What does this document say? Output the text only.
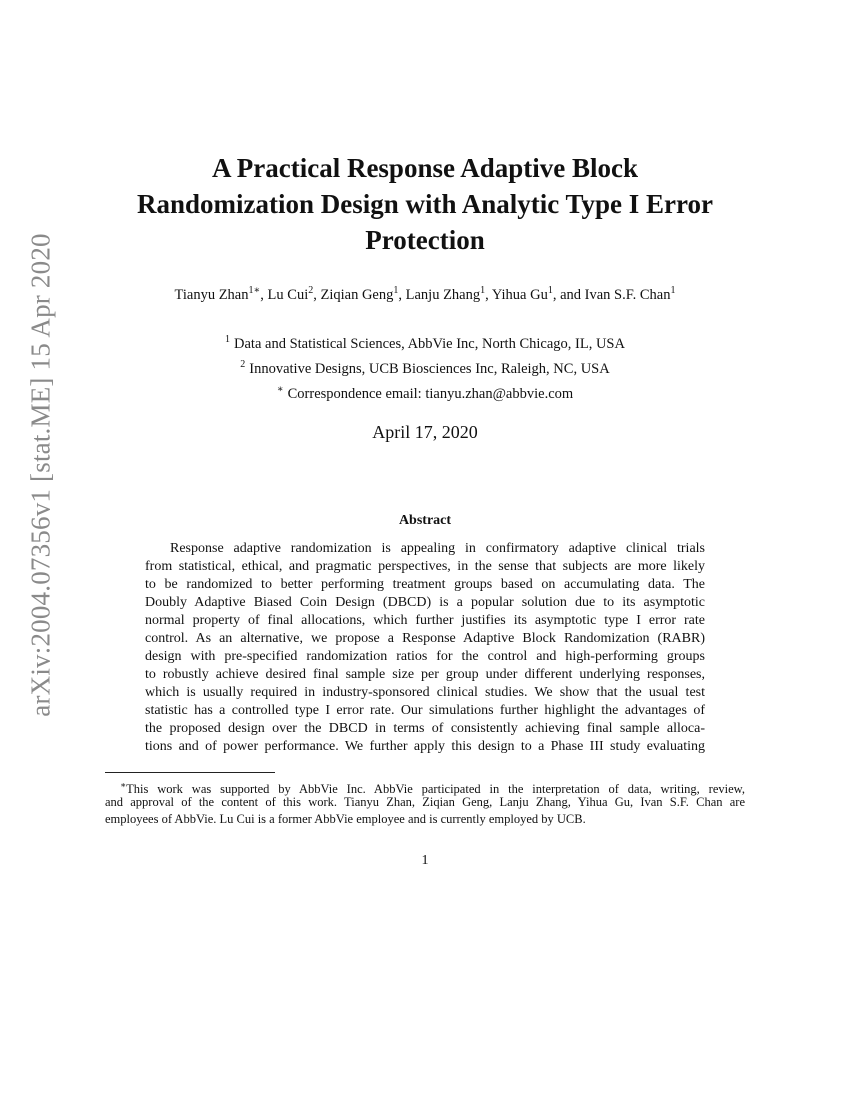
arXiv:2004.07356v1 [stat.ME] 15 Apr 2020
A Practical Response Adaptive Block
Randomization Design with Analytic Type I Error
Protection
Tianyu Zhan$^{1∗}$, Lu Cui$^2$, Ziqian Geng$^1$, Lanju Zhang$^1$, Yihua Gu$^1$, and Ivan S.F. Chan$^1$
$^1$ Data and Statistical Sciences, AbbVie Inc, North Chicago, IL, USA
$^2$ Innovative Designs, UCB Biosciences Inc, Raleigh, NC, USA
∗ Correspondence email: tianyu.zhan@abbvie.com
April 17, 2020
Abstract
Response adaptive randomization is appealing in confirmatory adaptive clinical trials
from statistical, ethical, and pragmatic perspectives, in the sense that subjects are more likely
to be randomized to better performing treatment groups based on accumulating data. The
Doubly Adaptive Biased Coin Design (DBCD) is a popular solution due to its asymptotic
normal property of final allocations, which further justifies its asymptotic type I error rate
control. As an alternative, we propose a Response Adaptive Block Randomization (RABR)
design with pre-specified randomization ratios for the control and high-performing groups
to robustly achieve desired final sample size per group under different underlying responses,
which is usually required in industry-sponsored clinical studies. We show that the usual test
statistic has a controlled type I error rate. Our simulations further highlight the advantages of
the proposed design over the DBCD in terms of consistently achieving final sample alloca-
tions and of power performance. We further apply this design to a Phase III study evaluating
∗This work was supported by AbbVie Inc. AbbVie participated in the interpretation of data, writing, review,
and approval of the content of this work. Tianyu Zhan, Ziqian Geng, Lanju Zhang, Yihua Gu, Ivan S.F. Chan are
employees of AbbVie. Lu Cui is a former AbbVie employee and is currently employed by UCB.
1
